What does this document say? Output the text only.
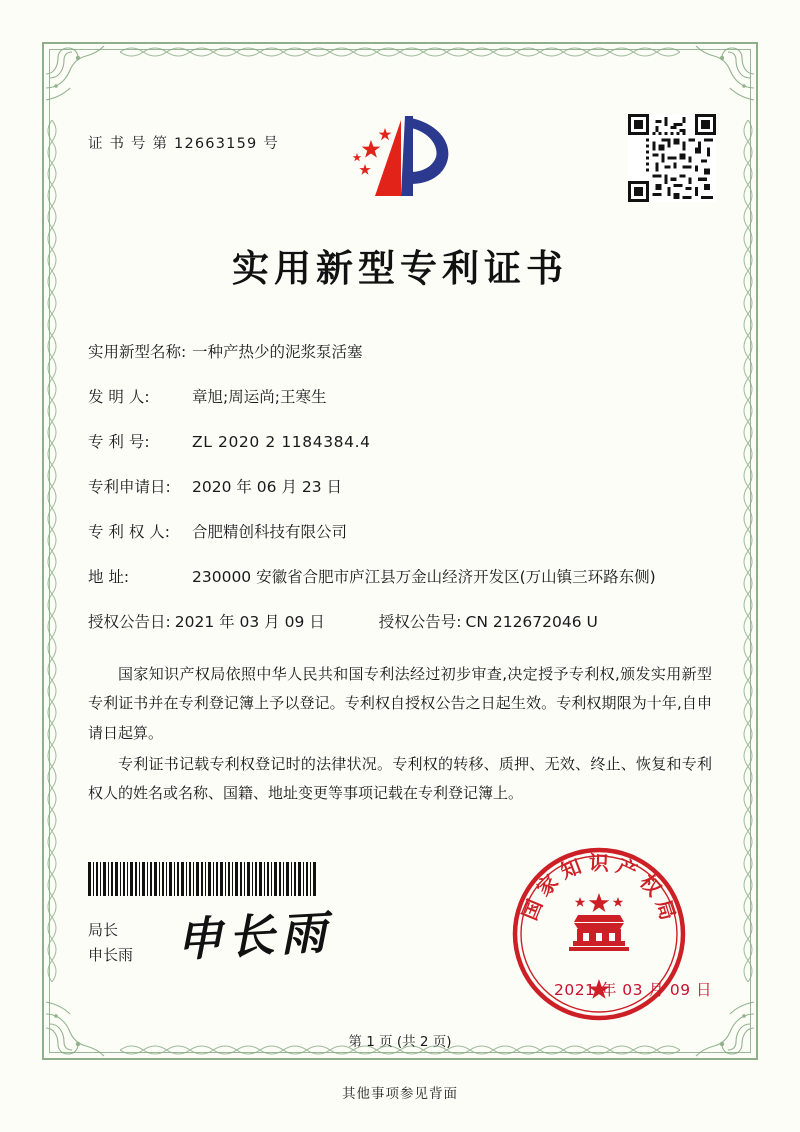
证 书 号 第 12663159 号
实用新型专利证书
实用新型名称: 一种产热少的泥浆泵活塞
发 明 人:	章旭;周运尚;王寒生
专 利 号:	ZL 2020 2 1184384.4
专利申请日:	2020 年 06 月 23 日
专 利 权 人:	合肥精创科技有限公司
地 址:	230000 安徽省合肥市庐江县万金山经济开发区(万山镇三环路东侧)
授权公告日: 2021 年 03 月 09 日	授权公告号: CN 212672046 U

国家知识产权局依照中华人民共和国专利法经过初步审查,决定授予专利权,颁发实用新型专利证书并在专利登记簿上予以登记。专利权自授权公告之日起生效。专利权期限为十年,自申请日起算。

专利证书记载专利权登记时的法律状况。专利权的转移、质押、无效、终止、恢复和专利权人的姓名或名称、国籍、地址变更等事项记载在专利登记簿上。

局长
申长雨 申长雨	国家知识产权局
2021 年 03 月 09 日
第 1 页 (共 2 页)
其他事项参见背面
